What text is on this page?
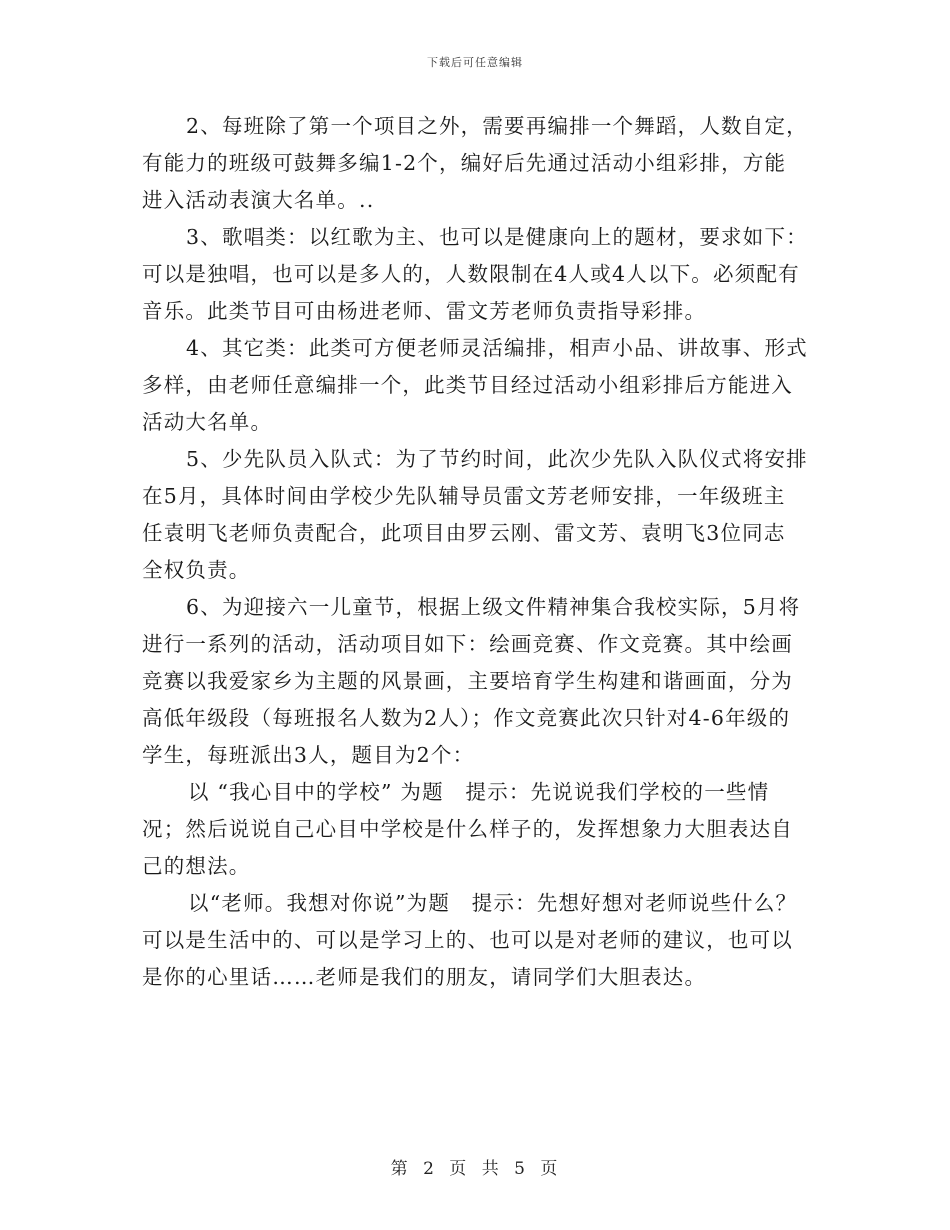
下载后可任意编辑
2、每班除了第一个项目之外，需要再编排一个舞蹈，人数自定，
有能力的班级可鼓舞多编1-2个，编好后先通过活动小组彩排，方能
进入活动表演大名单。..
3、歌唱类：以红歌为主、也可以是健康向上的题材，要求如下：
可以是独唱，也可以是多人的，人数限制在4人或4人以下。必须配有
音乐。此类节目可由杨进老师、雷文芳老师负责指导彩排。
4、其它类：此类可方便老师灵活编排，相声小品、讲故事、形式
多样，由老师任意编排一个，此类节目经过活动小组彩排后方能进入
活动大名单。
5、少先队员入队式：为了节约时间，此次少先队入队仪式将安排
在5月，具体时间由学校少先队辅导员雷文芳老师安排，一年级班主
任袁明飞老师负责配合，此项目由罗云刚、雷文芳、袁明飞3位同志
全权负责。
6、为迎接六一儿童节，根据上级文件精神集合我校实际，5月将
进行一系列的活动，活动项目如下：绘画竞赛、作文竞赛。其中绘画
竞赛以我爱家乡为主题的风景画，主要培育学生构建和谐画面，分为
高低年级段（每班报名人数为2人）；作文竞赛此次只针对4-6年级的
学生，每班派出3人，题目为2个：
以 “我心目中的学校” 为题　提示：先说说我们学校的一些情
况；然后说说自己心目中学校是什么样子的，发挥想象力大胆表达自
己的想法。
以“老师。我想对你说”为题　提示：先想好想对老师说些什么？
可以是生活中的、可以是学习上的、也可以是对老师的建议，也可以
是你的心里话……老师是我们的朋友，请同学们大胆表达。
第 2 页 共 5 页
